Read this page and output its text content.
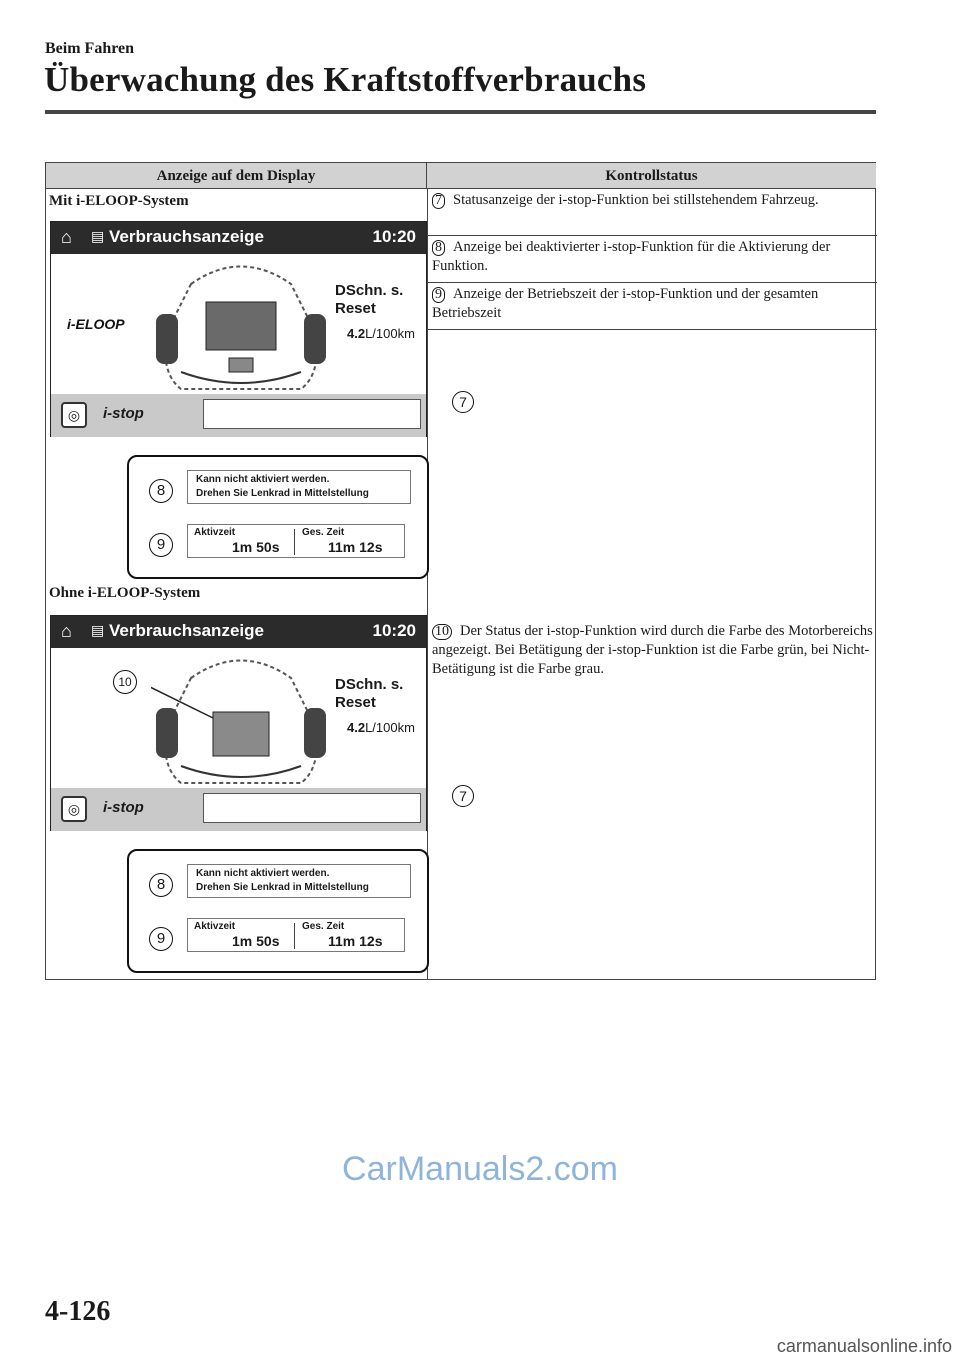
Beim Fahren
Überwachung des Kraftstoffverbrauchs
Anzeige auf dem Display	Kontrollstatus
7 Statusanzeige der i-stop-Funktion bei stillstehendem Fahrzeug.
8 Anzeige bei deaktivierter i-stop-Funktion für die Aktivierung der Funktion.
9 Anzeige der Betriebszeit der i-stop-Funktion und der gesamten Betriebszeit
10 Der Status der i-stop-Funktion wird durch die Farbe des Motorbereichs angezeigt. Bei Betätigung der i-stop-Funktion ist die Farbe grün, bei Nicht-Betätigung ist die Farbe grau.
Mit i-ELOOP-System
⌂ ▤ Verbrauchsanzeige	10:20
i-ELOOP
DSchn. s.
Reset
4.2L/100km
◎	i-stop
7
8
Kann nicht aktiviert werden.
Drehen Sie Lenkrad in Mittelstellung
9
Aktivzeit	Ges. Zeit
1m 50s	11m 12s
Ohne i-ELOOP-System
⌂ ▤ Verbrauchsanzeige	10:20
10	DSchn. s.
Reset
4.2L/100km
◎	i-stop
7
8
Kann nicht aktiviert werden.
Drehen Sie Lenkrad in Mittelstellung
9
Aktivzeit	Ges. Zeit
1m 50s	11m 12s
CarManuals2.com
4-126
carmanualsonline.info
